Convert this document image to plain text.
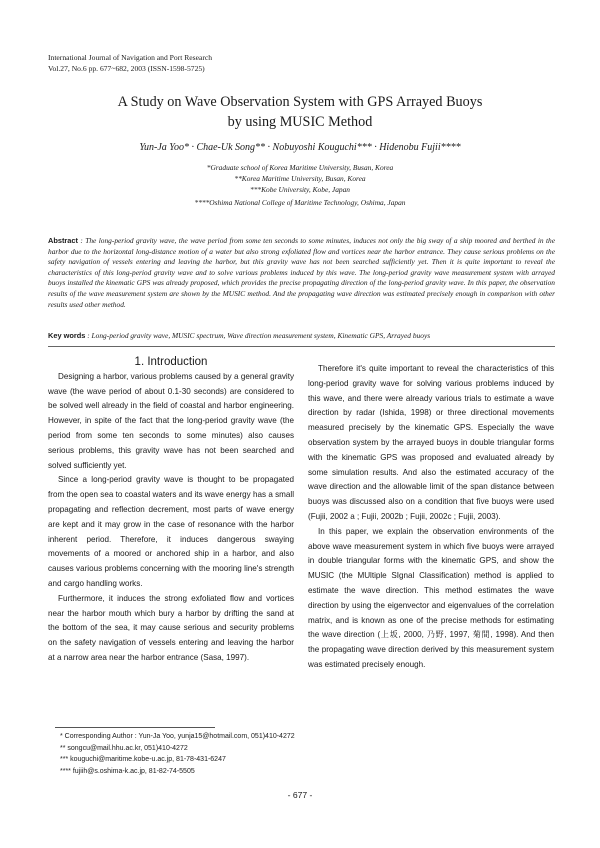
International Journal of Navigation and Port Research
Vol.27, No.6 pp. 677~682, 2003 (ISSN-1598-5725)
A Study on Wave Observation System with GPS Arrayed Buoys
by using MUSIC Method
Yun-Ja Yoo* · Chae-Uk Song** · Nobuyoshi Kouguchi*** · Hidenobu Fujii****
*Graduate school of Korea Maritime University, Busan, Korea
**Korea Maritime University, Busan, Korea
***Kobe University, Kobe, Japan
****Oshima National College of Maritime Technology, Oshima, Japan
Abstract : The long-period gravity wave, the wave period from some ten seconds to some minutes, induces not only the big sway of a ship moored and berthed in the harbor due to the horizontal long-distance motion of a water but also strong exfoliated flow and vortices near the harbor entrance. They cause serious problems on the safety navigation of vessels entering and leaving the harbor, but this gravity wave has not been searched sufficiently yet. Then it is quite important to reveal the characteristics of this long-period gravity wave and to solve various problems induced by this wave. The long-period gravity wave measurement system with arrayed buoys installed the kinematic GPS was already proposed, which provides the precise propagating direction of the long-period gravity wave. In this paper, the observation results of the wave measurement system are shown by the MUSIC method. And the propagating wave direction was estimated precisely enough in comparison with other results used other method.
Key words : Long-period gravity wave, MUSIC spectrum, Wave direction measurement system, Kinematic GPS, Arrayed buoys

1. Introduction

Designing a harbor, various problems caused by a general gravity wave (the wave period of about 0.1-30 seconds) are considered to be solved well already in the field of coastal and harbor engineering. However, in spite of the fact that the long-period gravity wave (the period from some ten seconds to some minutes) also causes serious problems, this gravity wave has not been searched and solved sufficiently yet.

Since a long-period gravity wave is thought to be propagated from the open sea to coastal waters and its wave energy has a small propagating and reflection decrement, most parts of wave energy are kept and it may grow in the case of resonance with the harbor inherent period. Therefore, it induces dangerous swaying movements of a moored or anchored ship in a harbor, and also causes various problems concerning with the mooring line's strength and cargo handling works.

Furthermore, it induces the strong exfoliated flow and vortices near the harbor mouth which bury a harbor by drifting the sand at the bottom of the sea, it may cause serious and security problems on the safety navigation of vessels entering and leaving the harbor at a narrow area near the harbor entrance (Sasa, 1997).

Therefore it's quite important to reveal the characteristics of this long-period gravity wave for solving various problems induced by this wave, and there were already various trials to estimate a wave direction by radar (Ishida, 1998) or three directional movements measured precisely by the kinematic GPS. Especially the wave observation system by the arrayed buoys in double triangular forms with the kinematic GPS was proposed and evaluated already by some simulation results. And also the estimated accuracy of the wave direction and the allowable limit of the span distance between buoys was discussed also on a condition that five buoys were used (Fujii, 2002 a ; Fujii, 2002b ; Fujii, 2002c ; Fujii, 2003).

In this paper, we explain the observation environments of the above wave measurement system in which five buoys were arrayed in double triangular forms with the kinematic GPS, and show the MUSIC (the MUltiple SIgnal Classification) method is applied to estimate the wave direction. This method estimates the wave direction by using the eigenvector and eigenvalues of the correlation matrix, and is known as one of the precise methods for estimating the wave direction (上坂, 2000, 乃野, 1997, 菊間, 1998). And then the propagating wave direction derived by this measurement system was estimated precisely enough.

* Corresponding Author : Yun-Ja Yoo, yunja15@hotmail.com, 051)410-4272
** songcu@mail.hhu.ac.kr, 051)410-4272
*** kouguchi@maritime.kobe-u.ac.jp, 81-78-431-6247
**** fujiih@s.oshima-k.ac.jp, 81-82-74-5505
- 677 -
